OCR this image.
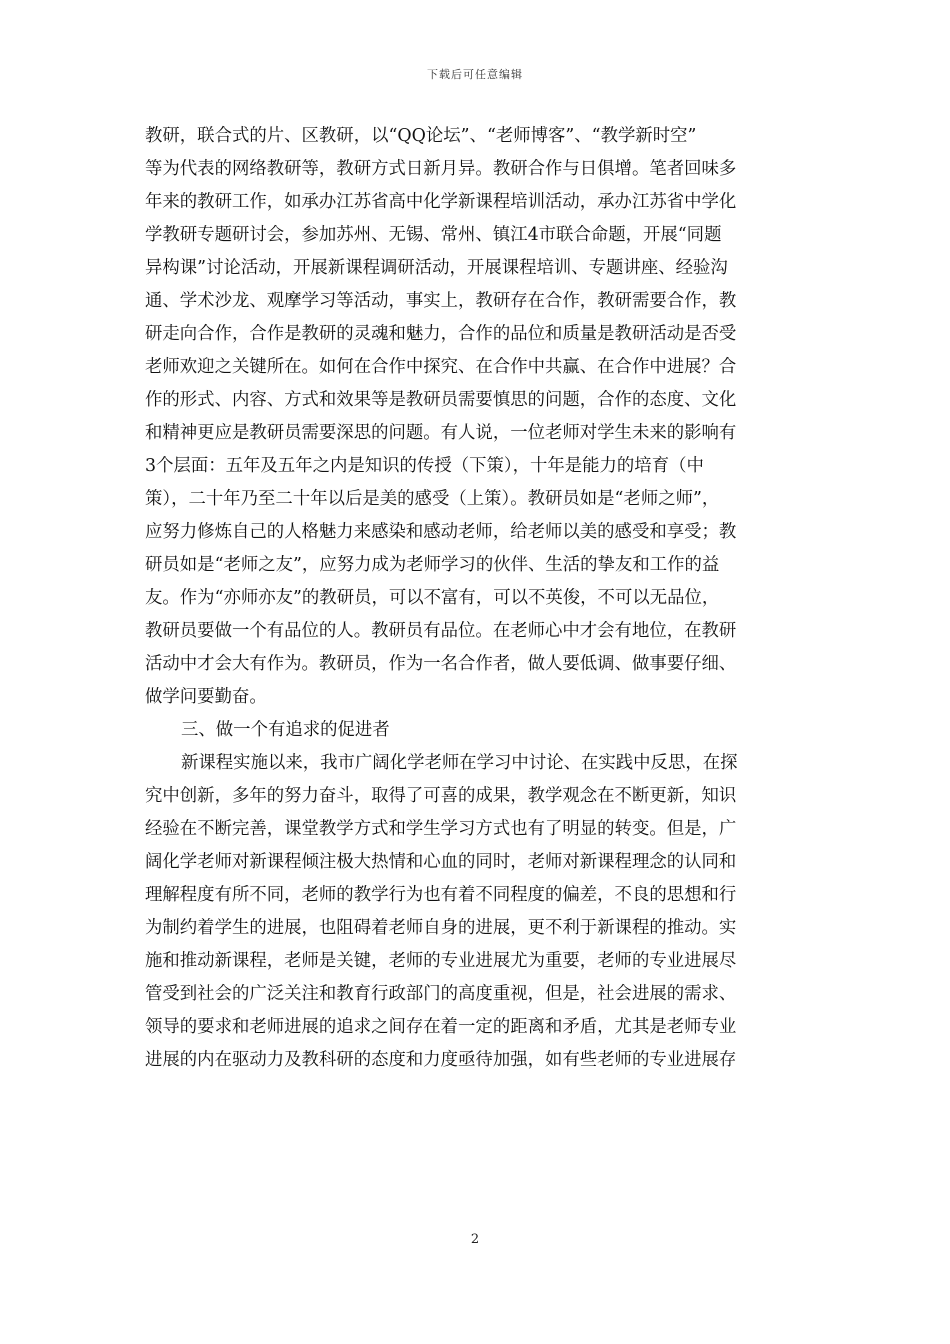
下载后可任意编辑
教研，联合式的片、区教研，以“QQ论坛”、“老师博客”、“教学新时空”
等为代表的网络教研等，教研方式日新月异。教研合作与日俱增。笔者回味多
年来的教研工作，如承办江苏省高中化学新课程培训活动，承办江苏省中学化
学教研专题研讨会，参加苏州、无锡、常州、镇江4市联合命题，开展“同题
异构课”讨论活动，开展新课程调研活动，开展课程培训、专题讲座、经验沟
通、学术沙龙、观摩学习等活动，事实上，教研存在合作，教研需要合作，教
研走向合作，合作是教研的灵魂和魅力，合作的品位和质量是教研活动是否受
老师欢迎之关键所在。如何在合作中探究、在合作中共赢、在合作中进展？合
作的形式、内容、方式和效果等是教研员需要慎思的问题，合作的态度、文化
和精神更应是教研员需要深思的问题。有人说，一位老师对学生未来的影响有
3个层面：五年及五年之内是知识的传授（下策），十年是能力的培育（中
策），二十年乃至二十年以后是美的感受（上策）。教研员如是“老师之师”，
应努力修炼自己的人格魅力来感染和感动老师，给老师以美的感受和享受；教
研员如是“老师之友”，应努力成为老师学习的伙伴、生活的挚友和工作的益
友。作为“亦师亦友”的教研员，可以不富有，可以不英俊，不可以无品位，
教研员要做一个有品位的人。教研员有品位。在老师心中才会有地位，在教研
活动中才会大有作为。教研员，作为一名合作者，做人要低调、做事要仔细、
做学问要勤奋。
三、做一个有追求的促进者
新课程实施以来，我市广阔化学老师在学习中讨论、在实践中反思，在探
究中创新，多年的努力奋斗，取得了可喜的成果，教学观念在不断更新，知识
经验在不断完善，课堂教学方式和学生学习方式也有了明显的转变。但是，广
阔化学老师对新课程倾注极大热情和心血的同时，老师对新课程理念的认同和
理解程度有所不同，老师的教学行为也有着不同程度的偏差，不良的思想和行
为制约着学生的进展，也阻碍着老师自身的进展，更不利于新课程的推动。实
施和推动新课程，老师是关键，老师的专业进展尤为重要，老师的专业进展尽
管受到社会的广泛关注和教育行政部门的高度重视，但是，社会进展的需求、
领导的要求和老师进展的追求之间存在着一定的距离和矛盾，尤其是老师专业
进展的内在驱动力及教科研的态度和力度亟待加强，如有些老师的专业进展存
2
